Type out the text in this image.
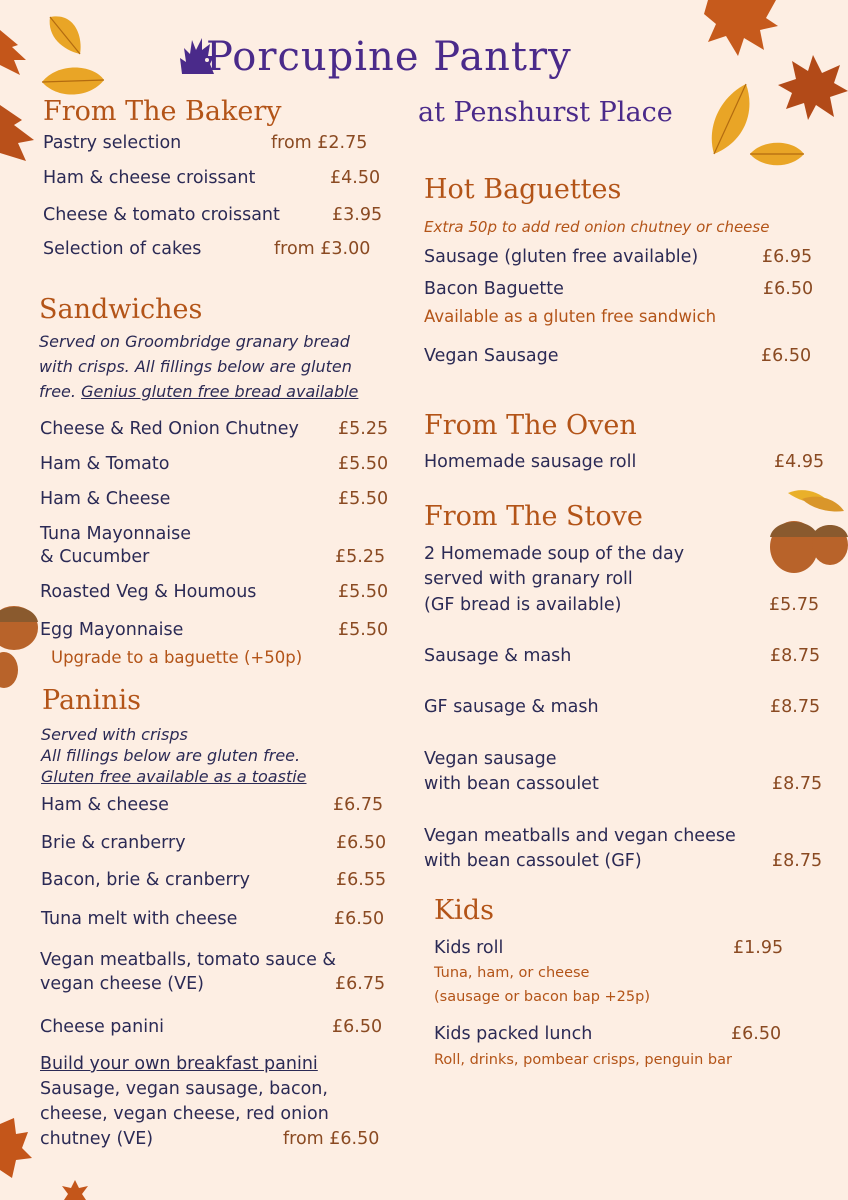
Porcupine Pantry
at Penshurst Place
From The Bakery
Pastry selection	from £2.75
Ham & cheese croissant	£4.50
Cheese & tomato croissant	£3.95
Selection of cakes	from £3.00
Sandwiches
Served on Groombridge granary bread
with crisps. All fillings below are gluten
free. Genius gluten free bread available
Cheese & Red Onion Chutney £5.25
Ham & Tomato	£5.50
Ham & Cheese	£5.50
Tuna Mayonnaise
& Cucumber	£5.25
Roasted Veg & Houmous	£5.50
Egg Mayonnaise	£5.50
Upgrade to a baguette (+50p)
Paninis
Served with crisps
All fillings below are gluten free.
Gluten free available as a toastie
Ham & cheese	£6.75
Brie & cranberry	£6.50
Bacon, brie & cranberry	£6.55
Tuna melt with cheese	£6.50
Vegan meatballs, tomato sauce &
vegan cheese (VE)	£6.75
Cheese panini	£6.50
Build your own breakfast panini
Sausage, vegan sausage, bacon,
cheese, vegan cheese, red onion
chutney (VE)	from £6.50
Hot Baguettes
Extra 50p to add red onion chutney or cheese
Sausage (gluten free available)	£6.95
Bacon Baguette	£6.50
Available as a gluten free sandwich
Vegan Sausage	£6.50
From The Oven
Homemade sausage roll	£4.95
From The Stove
2 Homemade soup of the day
served with granary roll
(GF bread is available)	£5.75
Sausage & mash	£8.75
GF sausage & mash	£8.75
Vegan sausage
with bean cassoulet	£8.75
Vegan meatballs and vegan cheese
with bean cassoulet (GF)	£8.75
Kids
Kids roll	£1.95
Tuna, ham, or cheese
(sausage or bacon bap +25p)
Kids packed lunch	£6.50
Roll, drinks, pombear crisps, penguin bar
